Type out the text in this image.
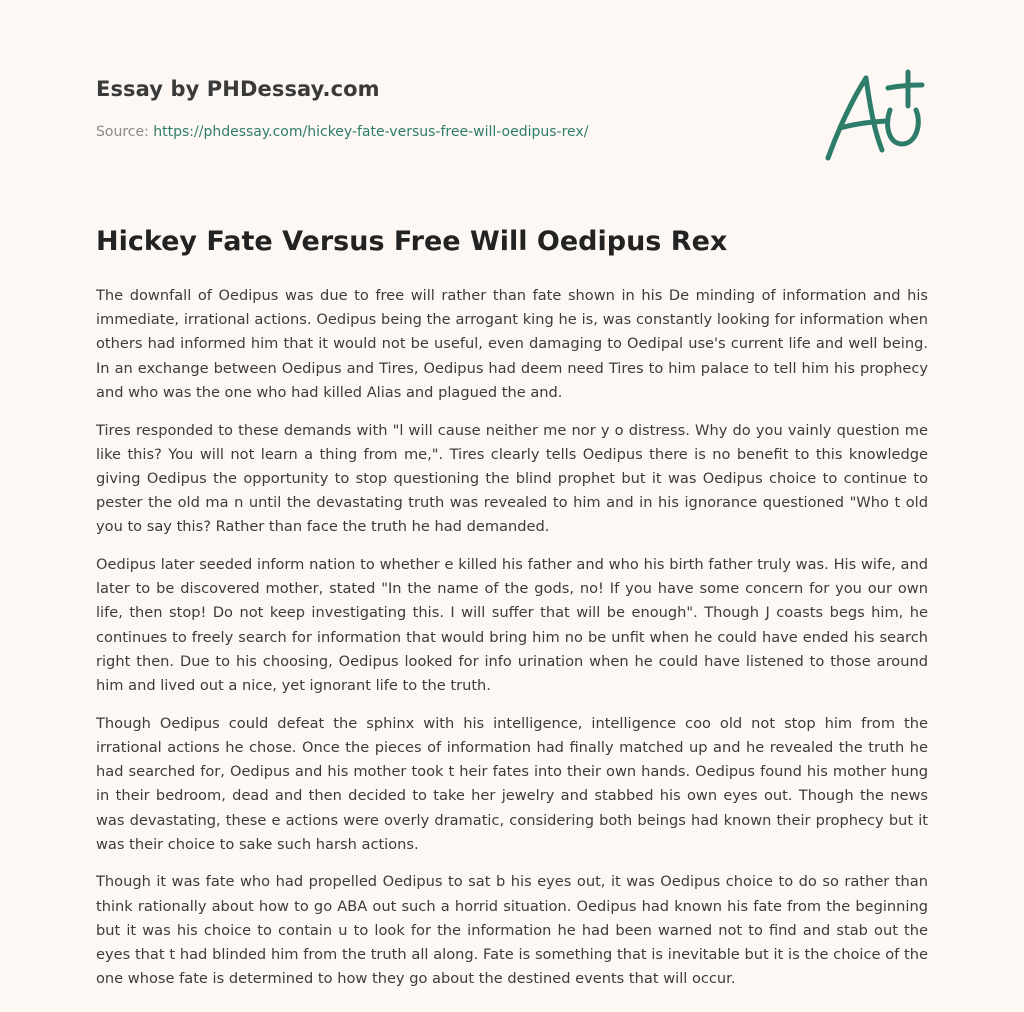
Essay by PHDessay.com
Source: https://phdessay.com/hickey-fate-versus-free-will-oedipus-rex/
Hickey Fate Versus Free Will Oedipus Rex

The downfall of Oedipus was due to free will rather than fate shown in his De minding of information and his immediate, irrational actions. Oedipus being the arrogant king he is, was constantly looking for information when others had informed him that it would not be useful, even damaging to Oedipal use's current life and well being. In an exchange between Oedipus and Tires, Oedipus had deem need Tires to him palace to tell him his prophecy and who was the one who had killed Alias and plagued the and.

Tires responded to these demands with "l will cause neither me nor y o distress. Why do you vainly question me like this? You will not learn a thing from me,". Tires clearly tells Oedipus there is no benefit to this knowledge giving Oedipus the opportunity to stop questioning the blind prophet but it was Oedipus choice to continue to pester the old ma n until the devastating truth was revealed to him and in his ignorance questioned "Who t old you to say this? Rather than face the truth he had demanded.

Oedipus later seeded inform nation to whether e killed his father and who his birth father truly was. His wife, and later to be discovered mother, stated "In the name of the gods, no! If you have some concern for you our own life, then stop! Do not keep investigating this. I will suffer that will be enough". Though J coasts begs him, he continues to freely search for information that would bring him no be unfit when he could have ended his search right then. Due to his choosing, Oedipus looked for info urination when he could have listened to those around him and lived out a nice, yet ignorant life to the truth.

Though Oedipus could defeat the sphinx with his intelligence, intelligence coo old not stop him from the irrational actions he chose. Once the pieces of information had finally matched up and he revealed the truth he had searched for, Oedipus and his mother took t heir fates into their own hands. Oedipus found his mother hung in their bedroom, dead and then decided to take her jewelry and stabbed his own eyes out. Though the news was devastating, these e actions were overly dramatic, considering both beings had known their prophecy but it was their choice to sake such harsh actions.

Though it was fate who had propelled Oedipus to sat b his eyes out, it was Oedipus choice to do so rather than think rationally about how to go ABA out such a horrid situation. Oedipus had known his fate from the beginning but it was his choice to contain u to look for the information he had been warned not to find and stab out the eyes that t had blinded him from the truth all along. Fate is something that is inevitable but it is the choice of the one whose fate is determined to how they go about the destined events that will occur.
